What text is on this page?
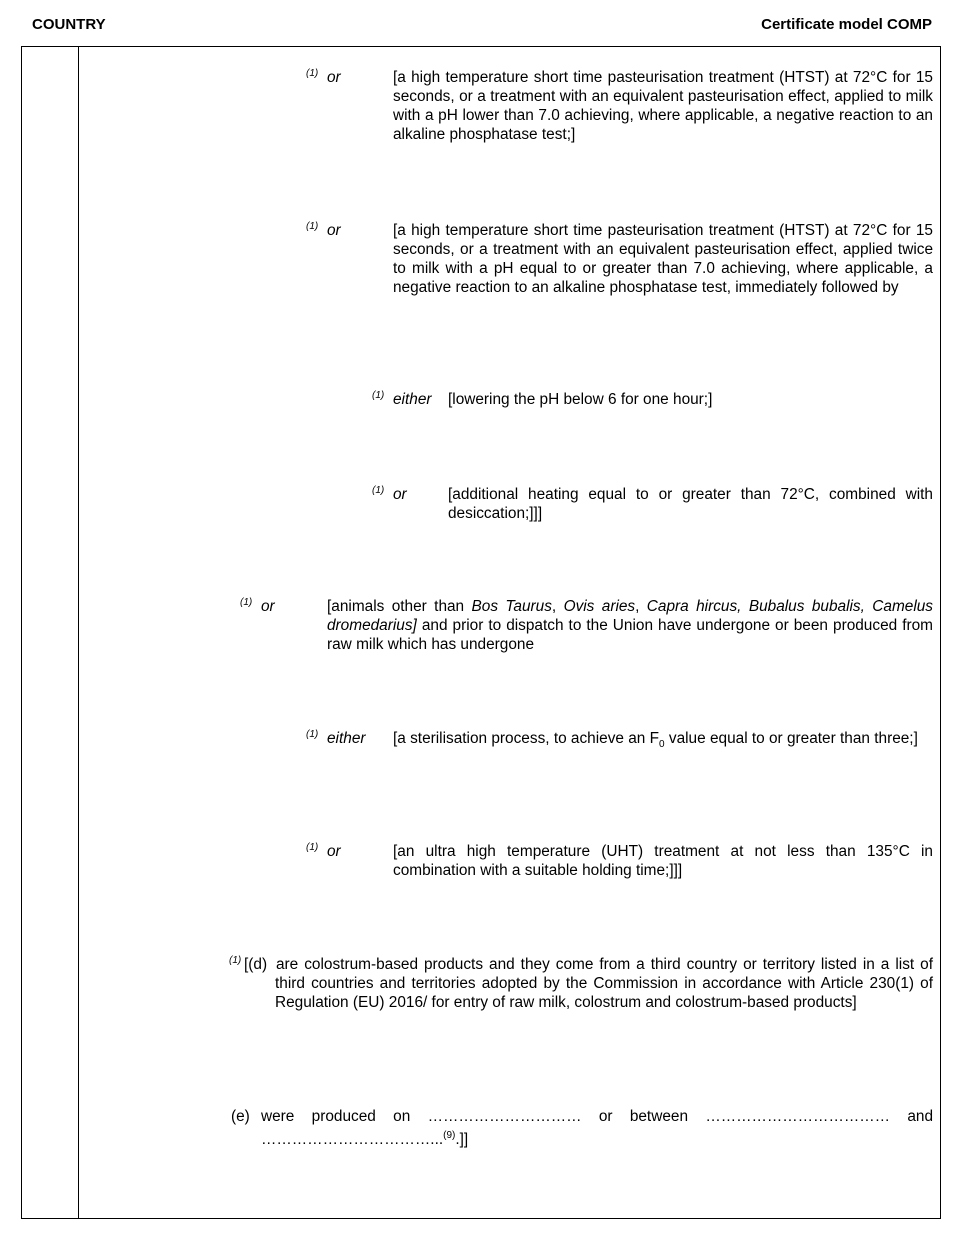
COUNTRY	Certificate model COMP
(1) or	[a high temperature short time pasteurisation treatment (HTST) at 72°C for 15 seconds, or a treatment with an equivalent pasteurisation effect, applied to milk with a pH lower than 7.0 achieving, where applicable, a negative reaction to an alkaline phosphatase test;]
(1) or	[a high temperature short time pasteurisation treatment (HTST) at 72°C for 15 seconds, or a treatment with an equivalent pasteurisation effect, applied twice to milk with a pH equal to or greater than 7.0 achieving, where applicable, a negative reaction to an alkaline phosphatase test, immediately followed by
(1) either [lowering the pH below 6 for one hour;]
(1) or	[additional heating equal to or greater than 72°C, combined with desiccation;]]]
(1) or	[animals other than Bos Taurus, Ovis aries, Capra hircus, Bubalus bubalis, Camelus dromedarius] and prior to dispatch to the Union have undergone or been produced from raw milk which has undergone
(1) either [a sterilisation process, to achieve an $F_0$ value equal to or greater than three;]
(1) or	[an ultra high temperature (UHT) treatment at not less than 135°C in combination with a suitable holding time;]]]
(1) [(d) are colostrum-based products and they come from a third country or territory listed in a list of third countries and territories adopted by the Commission in accordance with Article 230(1) of Regulation (EU) 2016/ for entry of raw milk, colostrum and colostrum-based products]
(e) were produced on ………………………… or between ……………………………… and ……………………………...$^{(9)}$.]]
